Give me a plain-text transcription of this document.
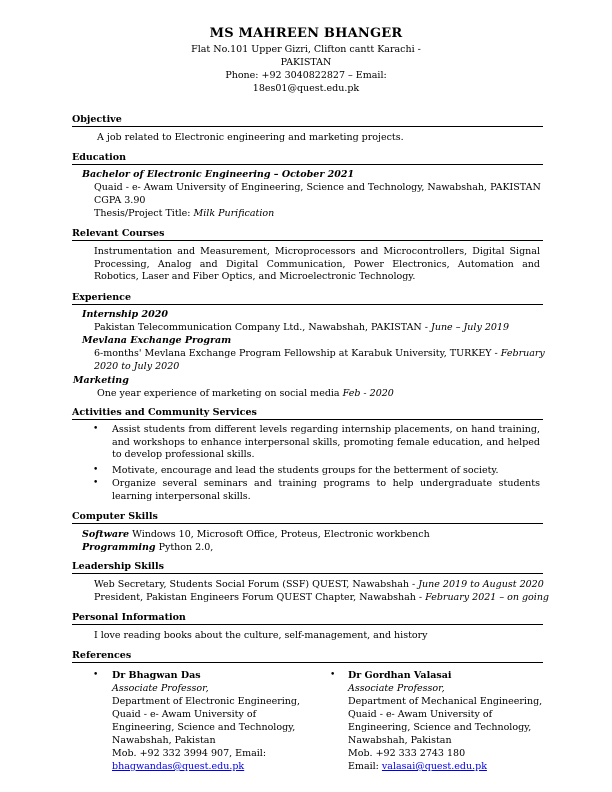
MS MAHREEN BHANGER
Flat No.101 Upper Gizri, Clifton cantt Karachi -
PAKISTAN
Phone: +92 3040822827 – Email:
18es01@quest.edu.pk
Objective
A job related to Electronic engineering and marketing projects.
Education
Bachelor of Electronic Engineering – October 2021
Quaid - e- Awam University of Engineering, Science and Technology, Nawabshah, PAKISTAN
CGPA 3.90
Thesis/Project Title: Milk Purification
Relevant Courses
Instrumentation and Measurement, Microprocessors and Microcontrollers, Digital Signal Processing, Analog and Digital Communication, Power Electronics, Automation and Robotics, Laser and Fiber Optics, and Microelectronic Technology.
Experience
Internship 2020
Pakistan Telecommunication Company Ltd., Nawabshah, PAKISTAN - June – July 2019
Mevlana Exchange Program
6-months' Mevlana Exchange Program Fellowship at Karabuk University, TURKEY - February
2020 to July 2020
Marketing
One year experience of marketing on social media Feb - 2020
Activities and Community Services
• Assist students from different levels regarding internship placements, on hand training, and workshops to enhance interpersonal skills, promoting female education, and helped to develop professional skills.
• Motivate, encourage and lead the students groups for the betterment of society.
• Organize several seminars and training programs to help undergraduate students learning interpersonal skills.
Computer Skills
Software Windows 10, Microsoft Office, Proteus, Electronic workbench
Programming Python 2.0,
Leadership Skills
Web Secretary, Students Social Forum (SSF) QUEST, Nawabshah - June 2019 to August 2020
President, Pakistan Engineers Forum QUEST Chapter, Nawabshah - February 2021 – on going
Personal Information
I love reading books about the culture, self-management, and history
References
• Dr Bhagwan Das
Associate Professor,
Department of Electronic Engineering,
Quaid - e- Awam University of
Engineering, Science and Technology,
Nawabshah, Pakistan
Mob. +92 332 3994 907, Email:
bhagwandas@quest.edu.pk
• Dr Gordhan Valasai
Associate Professor,
Department of Mechanical Engineering,
Quaid - e- Awam University of
Engineering, Science and Technology,
Nawabshah, Pakistan
Mob. +92 333 2743 180
Email: valasai@quest.edu.pk
